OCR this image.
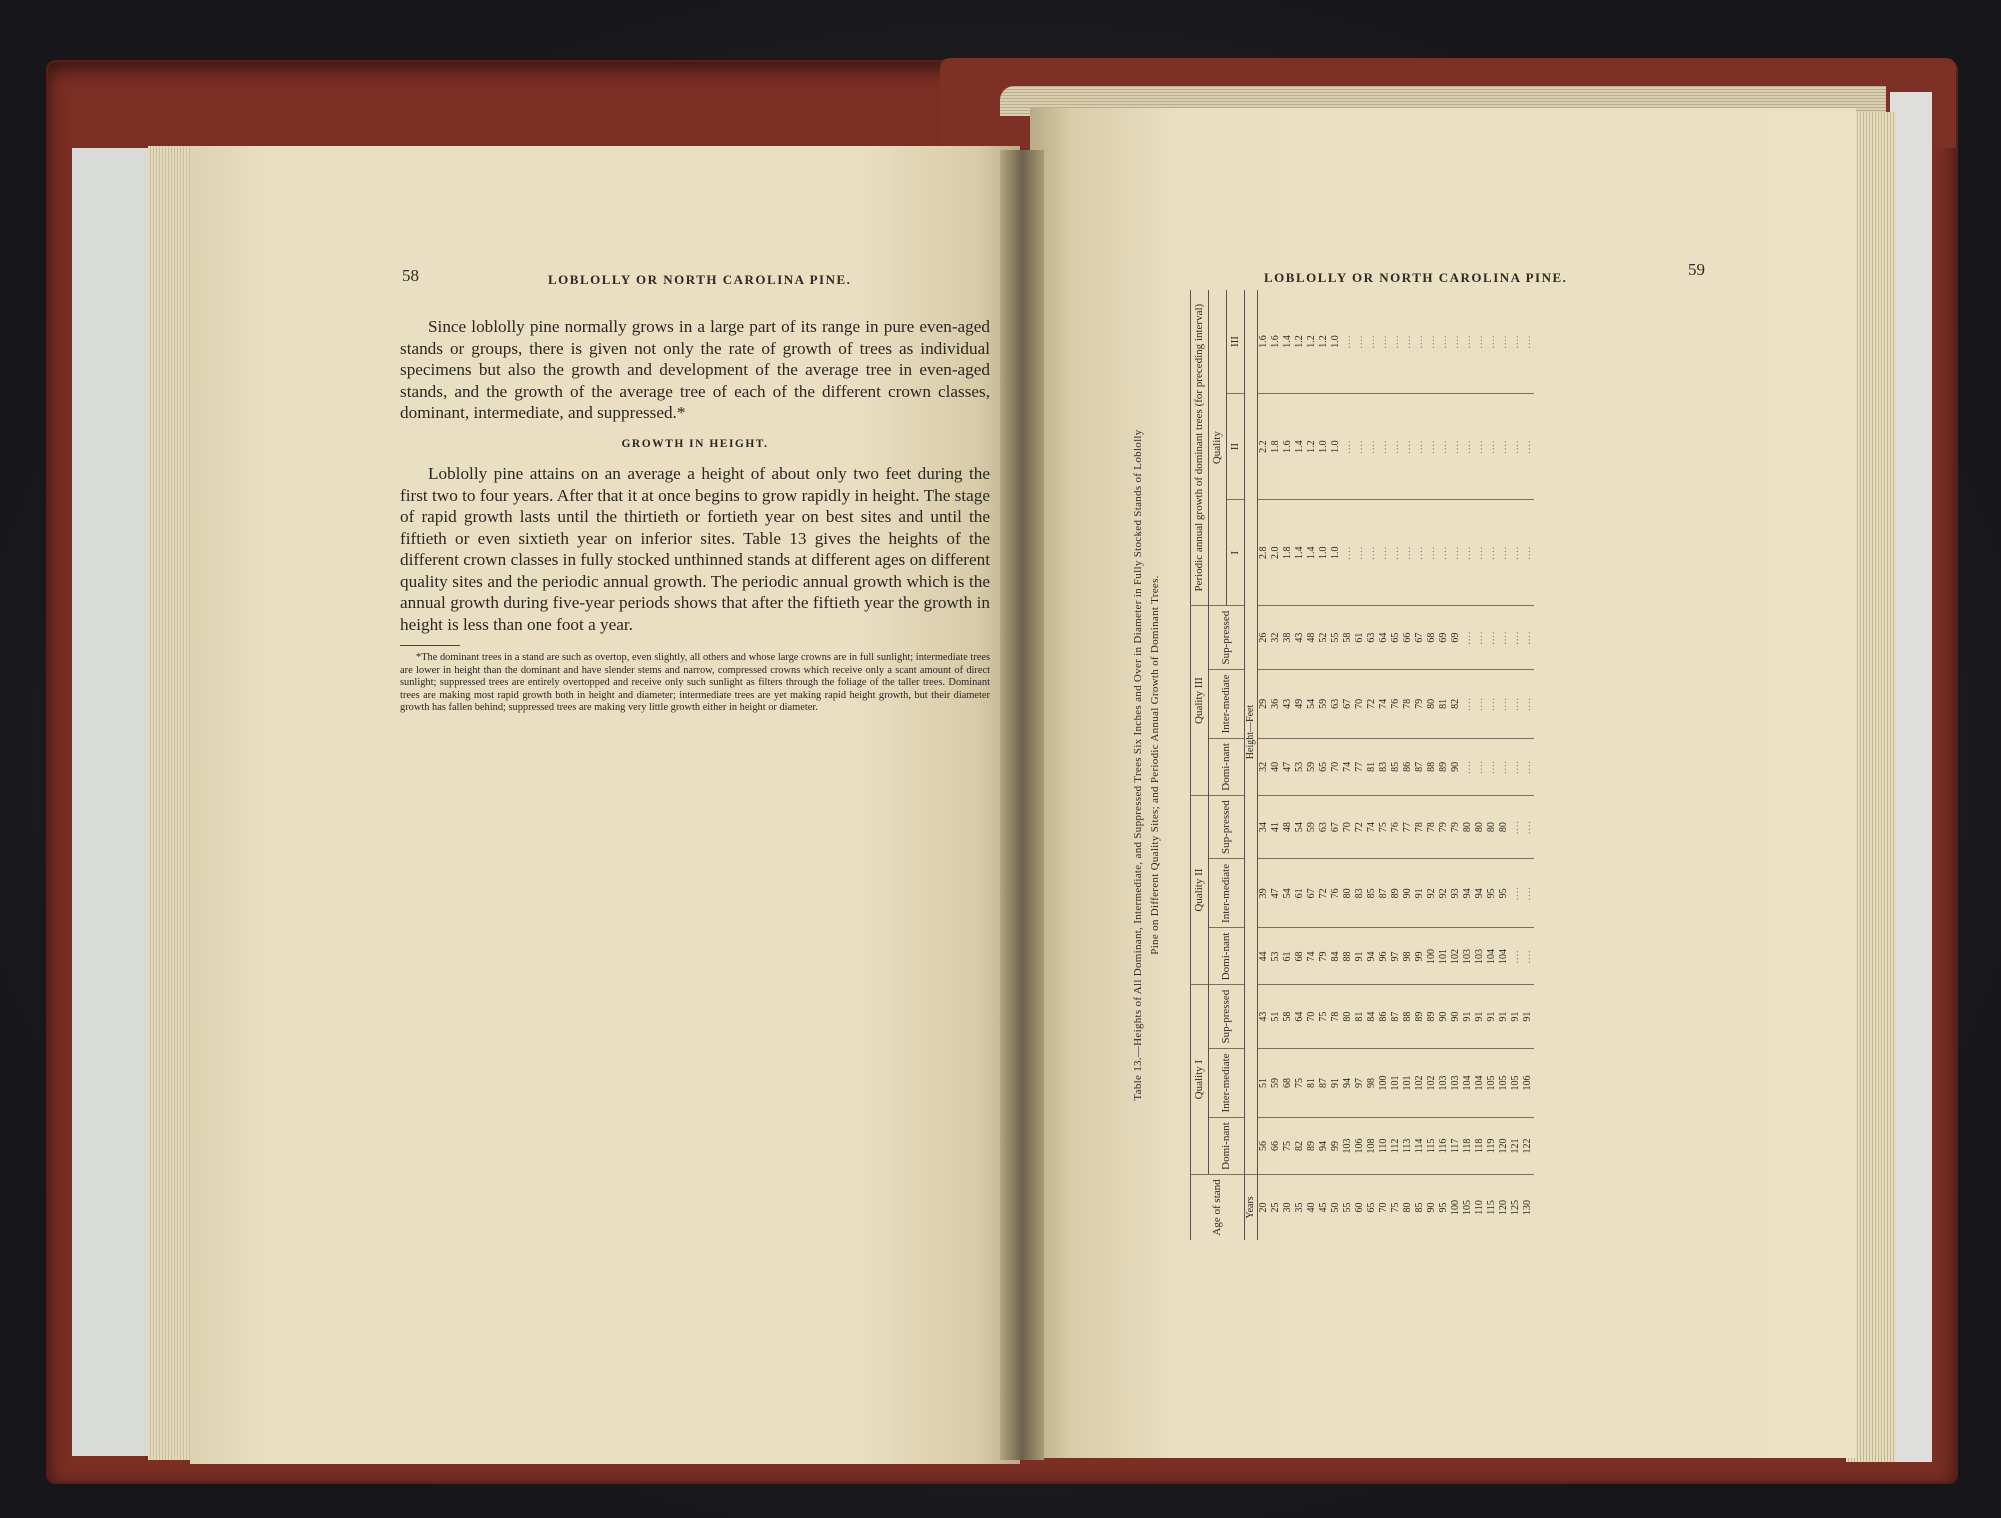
58	LOBLOLLY OR NORTH CAROLINA PINE.

Since loblolly pine normally grows in a large part of its range in pure even-aged stands or groups, there is given not only the rate of growth of trees as individual specimens but also the growth and development of the average tree in even-aged stands, and the growth of the average tree of each of the different crown classes, dominant, intermediate, and suppressed.*

GROWTH IN HEIGHT.

Loblolly pine attains on an average a height of about only two feet during the first two to four years. After that it at once begins to grow rapidly in height. The stage of rapid growth lasts until the thirtieth or fortieth year on best sites and until the fiftieth or even sixtieth year on inferior sites. Table 13 gives the heights of the different crown classes in fully stocked unthinned stands at different ages on different quality sites and the periodic annual growth. The periodic annual growth which is the annual growth during five-year periods shows that after the fiftieth year the growth in height is less than one foot a year.

*The dominant trees in a stand are such as overtop, even slightly, all others and whose large crowns are in full sunlight; intermediate trees are lower in height than the dominant and have slender stems and narrow, compressed crowns which receive only a scant amount of direct sunlight; suppressed trees are entirely overtopped and receive only such sunlight as filters through the foliage of the taller trees. Dominant trees are making most rapid growth both in height and diameter; intermediate trees are yet making rapid height growth, but their diameter growth has fallen behind; suppressed trees are making very little growth either in height or diameter.

LOBLOLLY OR NORTH CAROLINA PINE.	59
Table 13.—Heights of All Dominant, Intermediate, and Suppressed Trees Six Inches and Over in Diameter in Fully Stocked Stands of Loblolly Pine on Different Quality Sites; and Periodic Annual Growth of Dominant Trees.
Age of stand	Quality I			Quality II			Quality III			Periodic annual growth of dominant trees (for preceding interval)		
	Domi-nant	Inter-mediate	Sup-pressed	Domi-nant	Inter-mediate	Sup-pressed	Domi-nant	Inter-mediate	Sup-pressed	Quality		
										I	II	III
Years	Height—Feet											
20	56	51	43	44	39	34	32	29	26	2.8	2.2	1.6
25	66	59	51	53	47	41	40	36	32	2.0	1.8	1.6
30	75	68	58	61	54	48	47	43	38	1.8	1.6	1.4
35	82	75	64	68	61	54	53	49	43	1.4	1.4	1.2
40	89	81	70	74	67	59	59	54	48	1.4	1.2	1.2
45	94	87	75	79	72	63	65	59	52	1.0	1.0	1.2
50	99	91	78	84	76	67	70	63	55	1.0	1.0	1.0
55	103	94	80	88	80	70	74	67	58	....	....	....
60	106	97	81	91	83	72	77	70	61	....	....	....
65	108	98	84	94	85	74	81	72	63	....	....	....
70	110	100	86	96	87	75	83	74	64	....	....	....
75	112	101	87	97	89	76	85	76	65	....	....	....
80	113	101	88	98	90	77	86	78	66	....	....	....
85	114	102	89	99	91	78	87	79	67	....	....	....
90	115	102	89	100	92	78	88	80	68	....	....	....
95	116	103	90	101	92	79	89	81	69	....	....	....
100	117	103	90	102	93	79	90	82	69	....	....	....
105	118	104	91	103	94	80	....	....	....	....	....	....
110	118	104	91	103	94	80	....	....	....	....	....	....
115	119	105	91	104	95	80	....	....	....	....	....	....
120	120	105	91	104	95	80	....	....	....	....	....	....
125	121	105	91	....	....	....	....	....	....	....	....	....
130	122	106	91	....	....	....	....	....	....	....	....	....
